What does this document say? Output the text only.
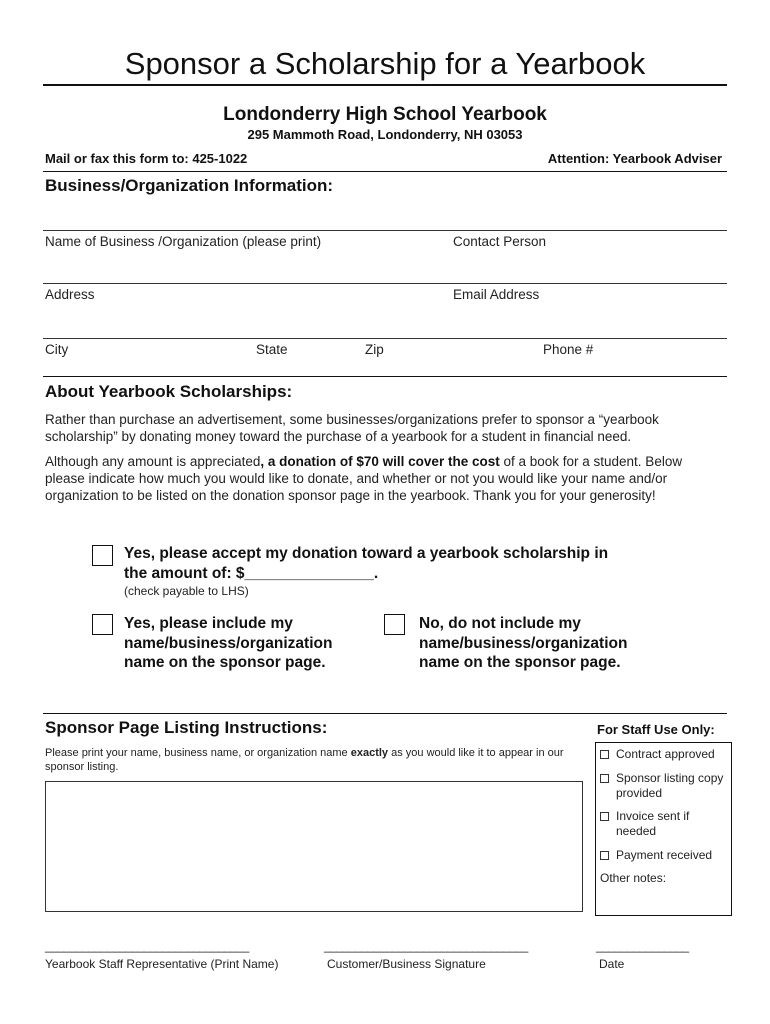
Sponsor a Scholarship for a Yearbook
Londonderry High School Yearbook
295 Mammoth Road, Londonderry, NH 03053
Mail or fax this form to: 425-1022	Attention: Yearbook Adviser
Business/Organization Information:
Name of Business /Organization (please print)	Contact Person
Address	Email Address
City	State	Zip	Phone #
About Yearbook Scholarships:
Rather than purchase an advertisement, some businesses/organizations prefer to sponsor a “yearbook scholarship” by donating money toward the purchase of a yearbook for a student in financial need.
Although any amount is appreciated, a donation of $70 will cover the cost of a book for a student. Below please indicate how much you would like to donate, and whether or not you would like your name and/or organization to be listed on the donation sponsor page in the yearbook. Thank you for your generosity!
Yes, please accept my donation toward a yearbook scholarship in
the amount of: $_______________.
(check payable to LHS)
Yes, please include my
name/business/organization
name on the sponsor page.
No, do not include my
name/business/organization
name on the sponsor page.
Sponsor Page Listing Instructions:
Please print your name, business name, or organization name exactly as you would like it to appear in our sponsor listing.
For Staff Use Only:
Contract approved
Sponsor listing copy provided
Invoice sent if needed
Payment received
Other notes:
_________________________________	_________________________________	_______________
Yearbook Staff Representative (Print Name)	Customer/Business Signature	Date
